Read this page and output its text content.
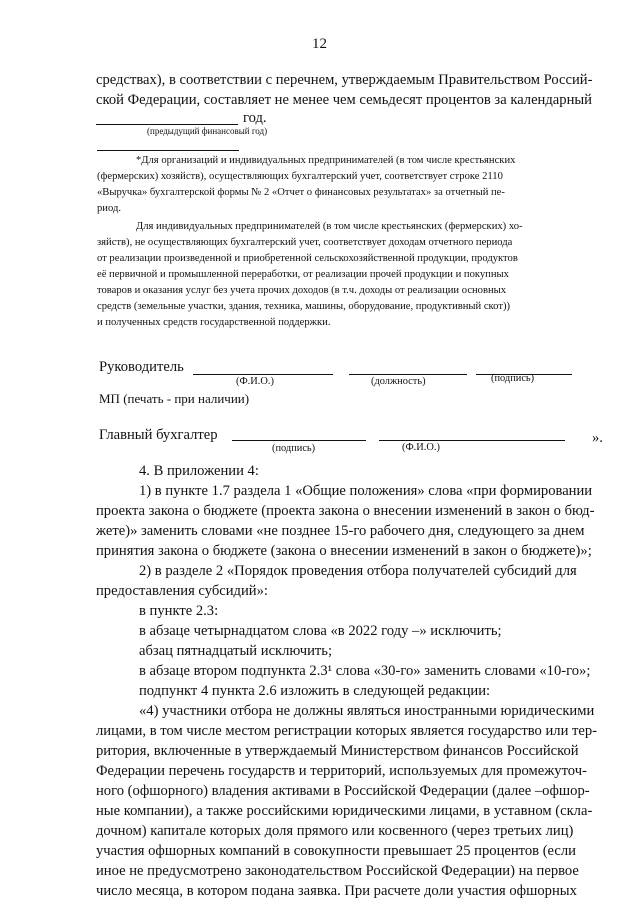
12
средствах), в соответствии с перечнем, утверждаемым Правительством Россий-
ской Федерации, составляет не менее чем семьдесят процентов за календарный
год.
(предыдущий финансовый год)
*Для организаций и индивидуальных предпринимателей (в том числе крестьянских
(фермерских) хозяйств), осуществляющих бухгалтерский учет, соответствует строке 2110
«Выручка» бухгалтерской формы № 2 «Отчет о финансовых результатах» за отчетный пе-
риод.
Для индивидуальных предпринимателей (в том числе крестьянских (фермерских) хо-
зяйств), не осуществляющих бухгалтерский учет, соответствует доходам отчетного периода
от реализации произведенной и приобретенной сельскохозяйственной продукции, продуктов
её первичной и промышленной переработки, от реализации прочей продукции и покупных
товаров и оказания услуг без учета прочих доходов (в т.ч. доходы от реализации основных
средств (земельные участки, здания, техника, машины, оборудование, продуктивный скот))
и полученных средств государственной поддержки.
Руководитель
(Ф.И.О.)	(должность)	(подпись)
МП (печать - при наличии)
Главный бухгалтер
(подпись)	(Ф.И.О.)
».
4. В приложении 4:
1) в пункте 1.7 раздела 1 «Общие положения» слова «при формировании
проекта закона о бюджете (проекта закона о внесении изменений в закон о бюд-
жете)» заменить словами «не позднее 15-го рабочего дня, следующего за днем
принятия закона о бюджете (закона о внесении изменений в закон о бюджете)»;
2) в разделе 2 «Порядок проведения отбора получателей субсидий для
предоставления субсидий»:
в пункте 2.3:
в абзаце четырнадцатом слова «в 2022 году –» исключить;
абзац пятнадцатый исключить;
в абзаце втором подпункта 2.3¹ слова «30-го» заменить словами «10-го»;
подпункт 4 пункта 2.6 изложить в следующей редакции:
«4) участники отбора не должны являться иностранными юридическими
лицами, в том числе местом регистрации которых является государство или тер-
ритория, включенные в утверждаемый Министерством финансов Российской
Федерации перечень государств и территорий, используемых для промежуточ-
ного (офшорного) владения активами в Российской Федерации (далее –офшор-
ные компании), а также российскими юридическими лицами, в уставном (скла-
дочном) капитале которых доля прямого или косвенного (через третьих лиц)
участия офшорных компаний в совокупности превышает 25 процентов (если
иное не предусмотрено законодательством Российской Федерации) на первое
число месяца, в котором подана заявка. При расчете доли участия офшорных
